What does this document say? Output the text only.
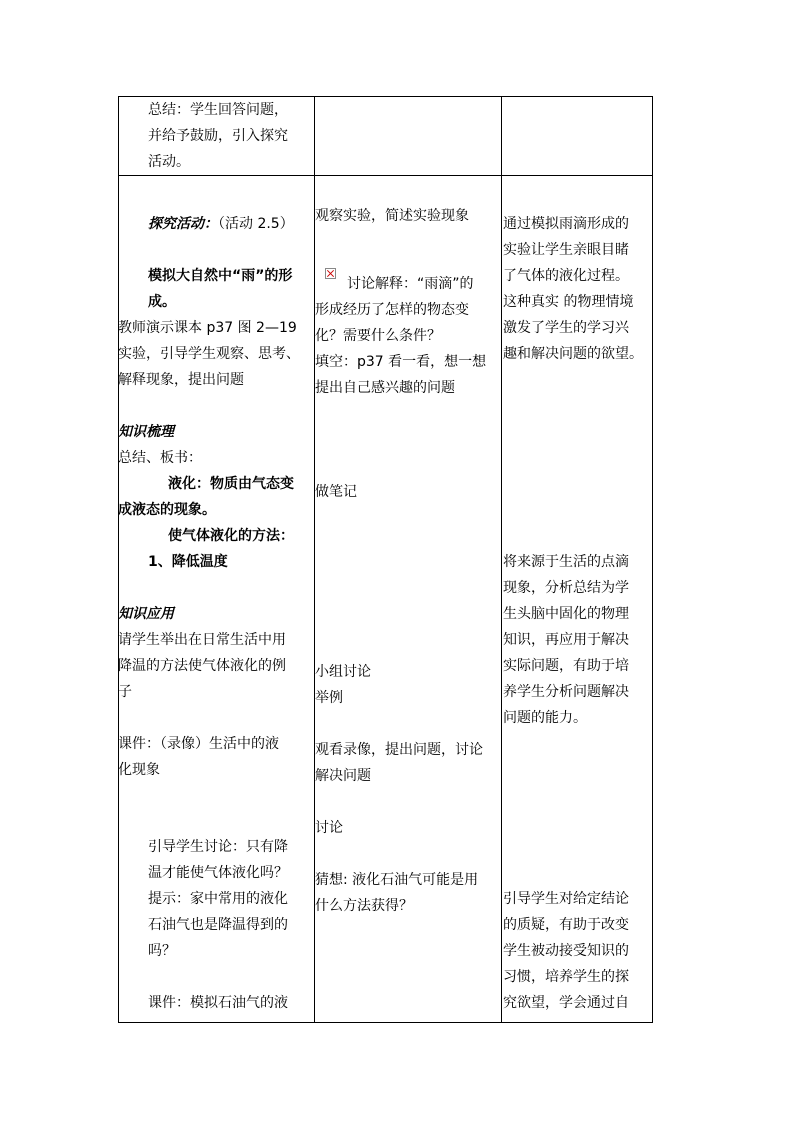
总结：学生回答问题，
并给予鼓励，引入探究
活动。
探究活动：（活动 2.5）
模拟大自然中“雨”的形
成。
教师演示课本 p37 图 2—19
实验，引导学生观察、思考、
解释现象，提出问题
知识梳理
总结、板书：
液化：物质由气态变
成液态的现象。
使气体液化的方法：
1、降低温度
知识应用
请学生举出在日常生活中用
降温的方法使气体液化的例
子
课件：（录像）生活中的液
化现象
引导学生讨论：只有降
温才能使气体液化吗？
提示：家中常用的液化
石油气也是降温得到的
吗？
课件：模拟石油气的液
观察实验，简述实验现象
讨论解释：“雨滴”的
形成经历了怎样的物态变
化？需要什么条件？
填空：p37 看一看，想一想
提出自己感兴趣的问题
做笔记
小组讨论
举例
观看录像，提出问题，讨论
解决问题
讨论
猜想: 液化石油气可能是用
什么方法获得？
通过模拟雨滴形成的
实验让学生亲眼目睹
了气体的液化过程。
这种真实 的物理情境
激发了学生的学习兴
趣和解决问题的欲望。
将来源于生活的点滴
现象，分析总结为学
生头脑中固化的物理
知识，再应用于解决
实际问题，有助于培
养学生分析问题解决
问题的能力。
引导学生对给定结论
的质疑，有助于改变
学生被动接受知识的
习惯，培养学生的探
究欲望，学会通过自
